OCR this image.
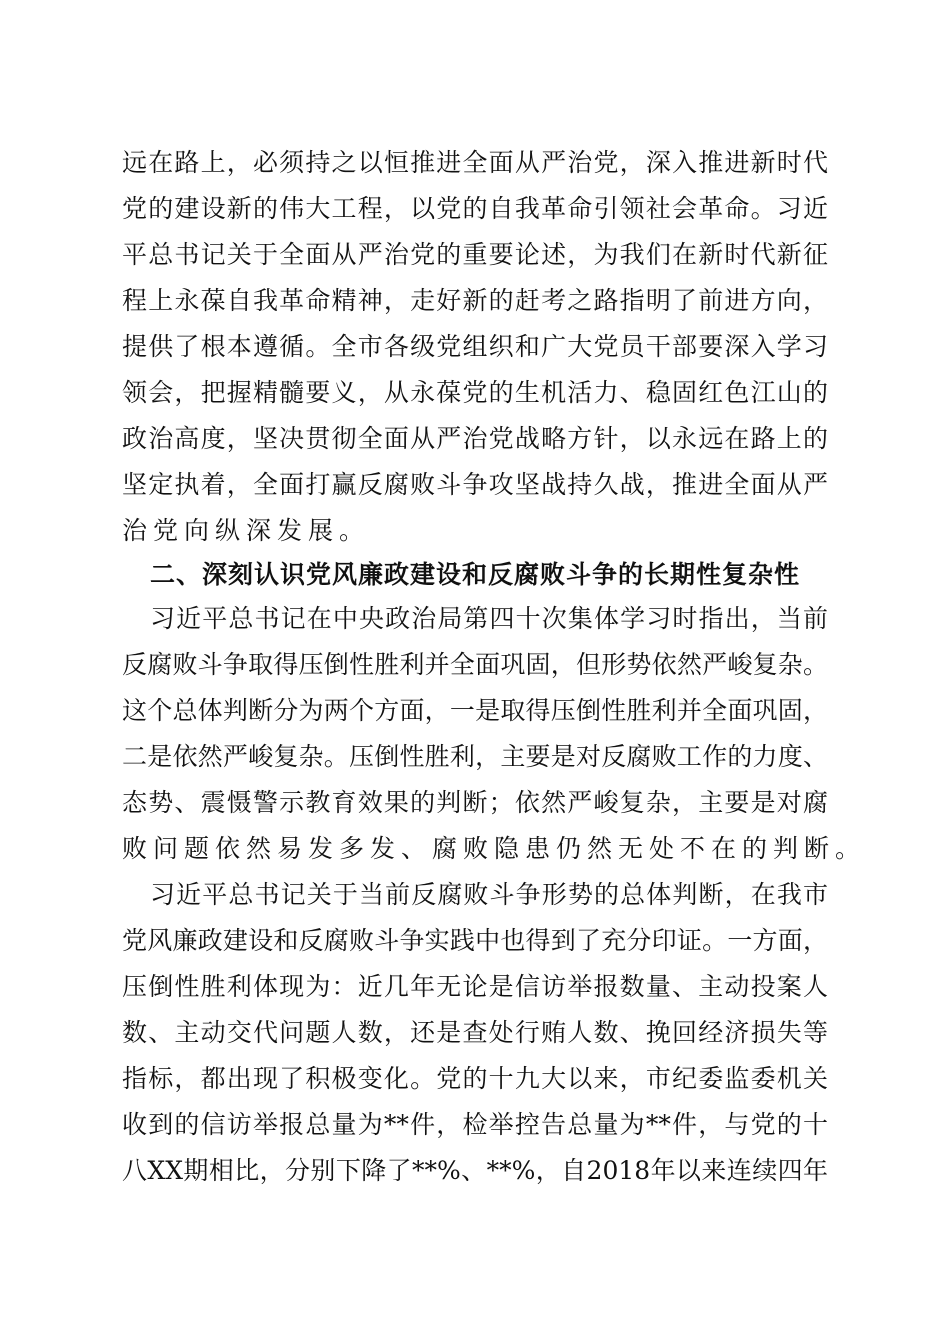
远在路上，必须持之以恒推进全面从严治党，深入推进新时代
党的建设新的伟大工程，以党的自我革命引领社会革命。习近
平总书记关于全面从严治党的重要论述，为我们在新时代新征
程上永葆自我革命精神，走好新的赶考之路指明了前进方向，
提供了根本遵循。全市各级党组织和广大党员干部要深入学习
领会，把握精髓要义，从永葆党的生机活力、稳固红色江山的
政治高度，坚决贯彻全面从严治党战略方针，以永远在路上的
坚定执着，全面打赢反腐败斗争攻坚战持久战，推进全面从严
治党向纵深发展。
二、深刻认识党风廉政建设和反腐败斗争的长期性复杂性
习近平总书记在中央政治局第四十次集体学习时指出，当前
反腐败斗争取得压倒性胜利并全面巩固，但形势依然严峻复杂。
这个总体判断分为两个方面，一是取得压倒性胜利并全面巩固，
二是依然严峻复杂。压倒性胜利，主要是对反腐败工作的力度、
态势、震慑警示教育效果的判断；依然严峻复杂，主要是对腐
败问题依然易发多发、腐败隐患仍然无处不在的判断。
习近平总书记关于当前反腐败斗争形势的总体判断，在我市
党风廉政建设和反腐败斗争实践中也得到了充分印证。一方面，
压倒性胜利体现为：近几年无论是信访举报数量、主动投案人
数、主动交代问题人数，还是查处行贿人数、挽回经济损失等
指标，都出现了积极变化。党的十九大以来，市纪委监委机关
收到的信访举报总量为**件，检举控告总量为**件，与党的十
八XX期相比，分别下降了**%、**%，自2018年以来连续四年
